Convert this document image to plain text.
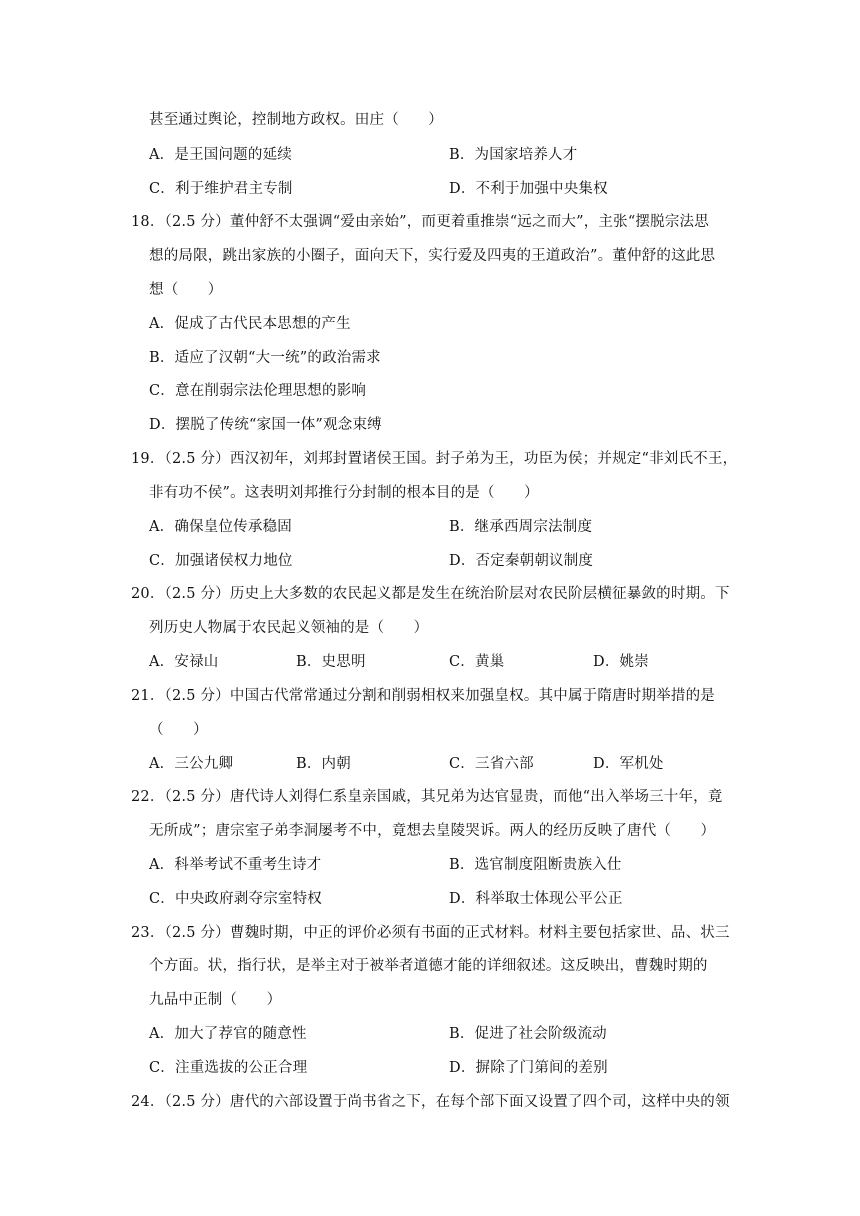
甚至通过舆论，控制地方政权。田庄（　　）
A．是王国问题的延续	B．为国家培养人才
C．利于维护君主专制	D．不利于加强中央集权
18．（2.5 分）董仲舒不太强调“爱由亲始”，而更着重推崇“远之而大”，主张“摆脱宗法思
想的局限，跳出家族的小圈子，面向天下，实行爱及四夷的王道政治”。董仲舒的这此思
想（　　）
A．促成了古代民本思想的产生
B．适应了汉朝“大一统”的政治需求
C．意在削弱宗法伦理思想的影响
D．摆脱了传统“家国一体”观念束缚
19．（2.5 分）西汉初年，刘邦封置诸侯王国。封子弟为王，功臣为侯；并规定“非刘氏不王，
非有功不侯”。这表明刘邦推行分封制的根本目的是（　　）
A．确保皇位传承稳固	B．继承西周宗法制度
C．加强诸侯权力地位	D．否定秦朝朝议制度
20．（2.5 分）历史上大多数的农民起义都是发生在统治阶层对农民阶层横征暴敛的时期。下
列历史人物属于农民起义领袖的是（　　）
A．安禄山	B．史思明	C．黄巢	D．姚崇
21．（2.5 分）中国古代常常通过分割和削弱相权来加强皇权。其中属于隋唐时期举措的是
（　　）
A．三公九卿	B．内朝	C．三省六部	D．军机处
22．（2.5 分）唐代诗人刘得仁系皇亲国戚，其兄弟为达官显贵，而他“出入举场三十年，竟
无所成”；唐宗室子弟李洞屡考不中，竟想去皇陵哭诉。两人的经历反映了唐代（　　）
A．科举考试不重考生诗才	B．选官制度阻断贵族入仕
C．中央政府剥夺宗室特权	D．科举取士体现公平公正
23．（2.5 分）曹魏时期，中正的评价必须有书面的正式材料。材料主要包括家世、品、状三
个方面。状，指行状，是举主对于被举者道德才能的详细叙述。这反映出，曹魏时期的
九品中正制（　　）
A．加大了荐官的随意性	B．促进了社会阶级流动
C．注重选拔的公正合理	D．摒除了门第间的差别
24．（2.5 分）唐代的六部设置于尚书省之下，在每个部下面又设置了四个司，这样中央的领
